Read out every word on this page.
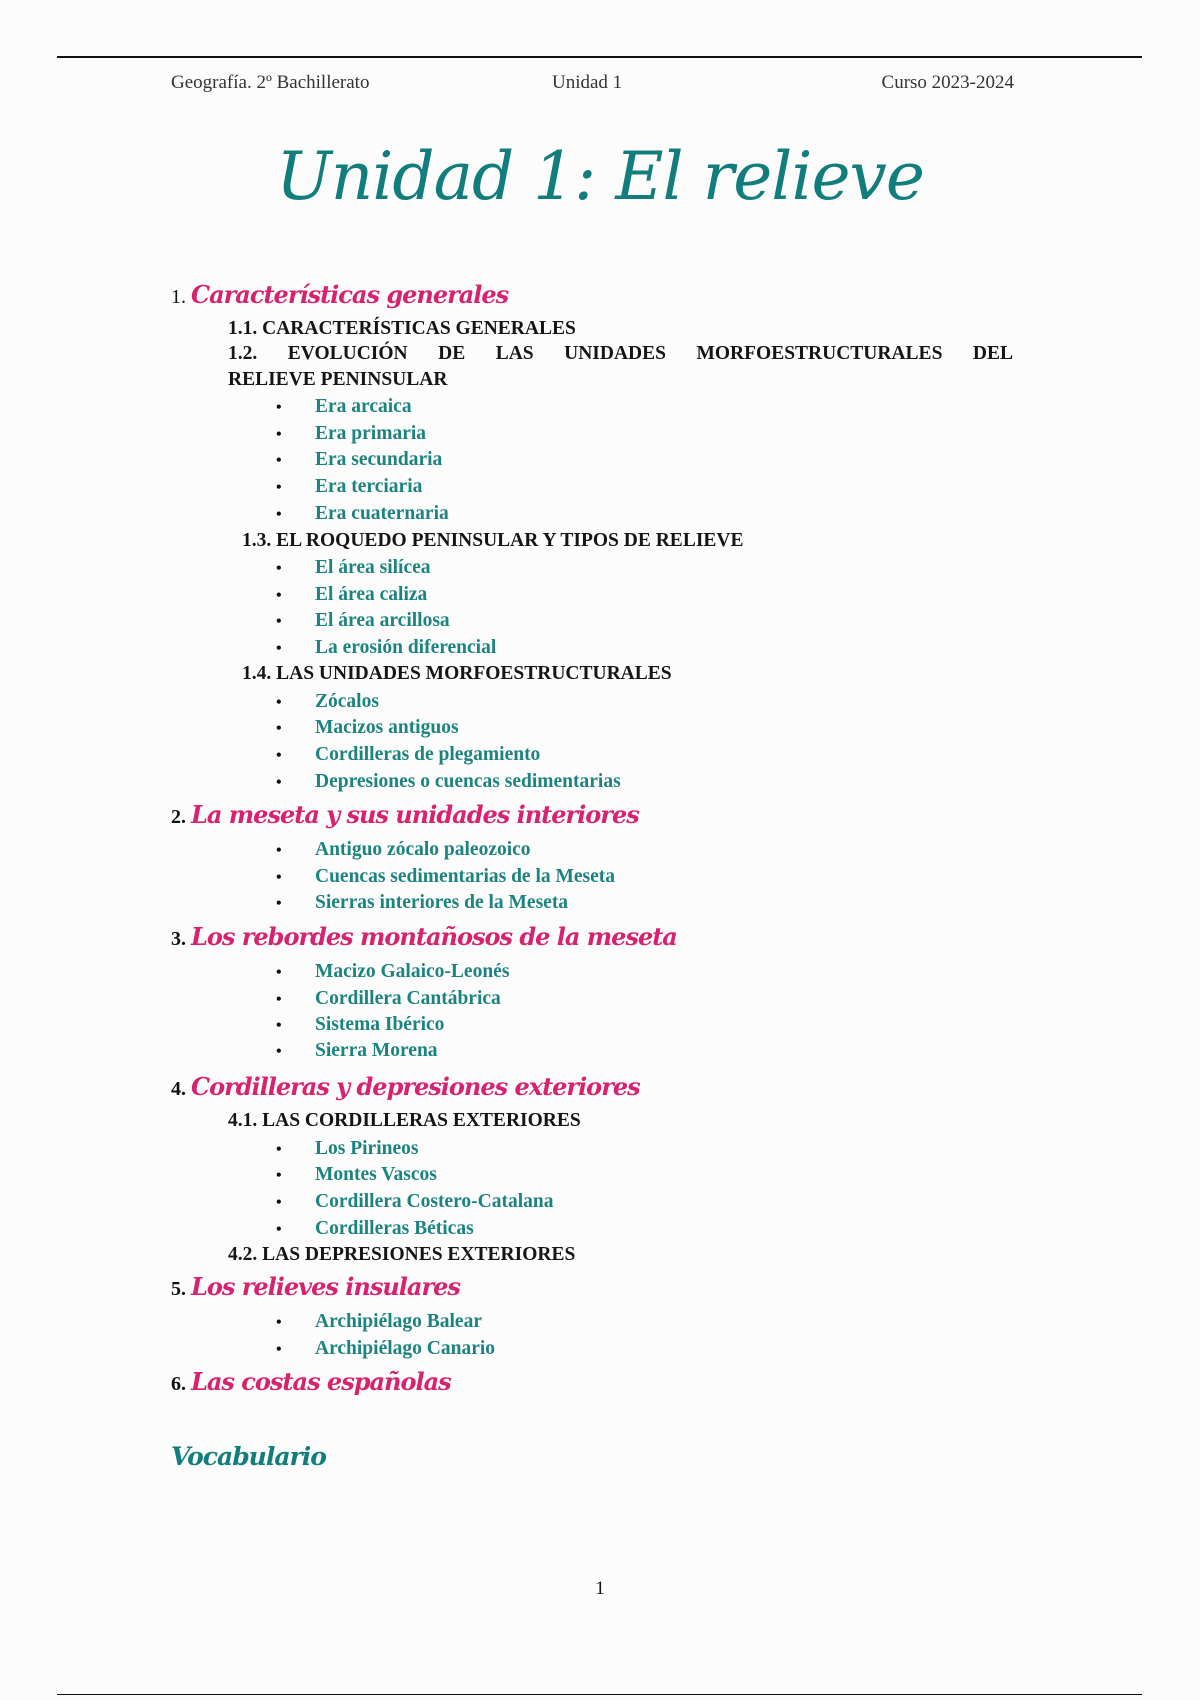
Geografía. 2º Bachillerato	Unidad 1	Curso 2023-2024
Unidad 1: El relieve
1. Características generales
1.1. CARACTERÍSTICAS GENERALES
1.2. EVOLUCIÓN DE LAS UNIDADES MORFOESTRUCTURALES DEL
RELIEVE PENINSULAR
• Era arcaica
• Era primaria
• Era secundaria
• Era terciaria
• Era cuaternaria
1.3. EL ROQUEDO PENINSULAR Y TIPOS DE RELIEVE
• El área silícea
• El área caliza
• El área arcillosa
• La erosión diferencial
1.4. LAS UNIDADES MORFOESTRUCTURALES
• Zócalos
• Macizos antiguos
• Cordilleras de plegamiento
• Depresiones o cuencas sedimentarias
2. La meseta y sus unidades interiores
• Antiguo zócalo paleozoico
• Cuencas sedimentarias de la Meseta
• Sierras interiores de la Meseta
3. Los rebordes montañosos de la meseta
• Macizo Galaico-Leonés
• Cordillera Cantábrica
• Sistema Ibérico
• Sierra Morena
4. Cordilleras y depresiones exteriores
4.1. LAS CORDILLERAS EXTERIORES
• Los Pirineos
• Montes Vascos
• Cordillera Costero-Catalana
• Cordilleras Béticas
4.2. LAS DEPRESIONES EXTERIORES
5. Los relieves insulares
• Archipiélago Balear
• Archipiélago Canario
6. Las costas españolas
Vocabulario
1
